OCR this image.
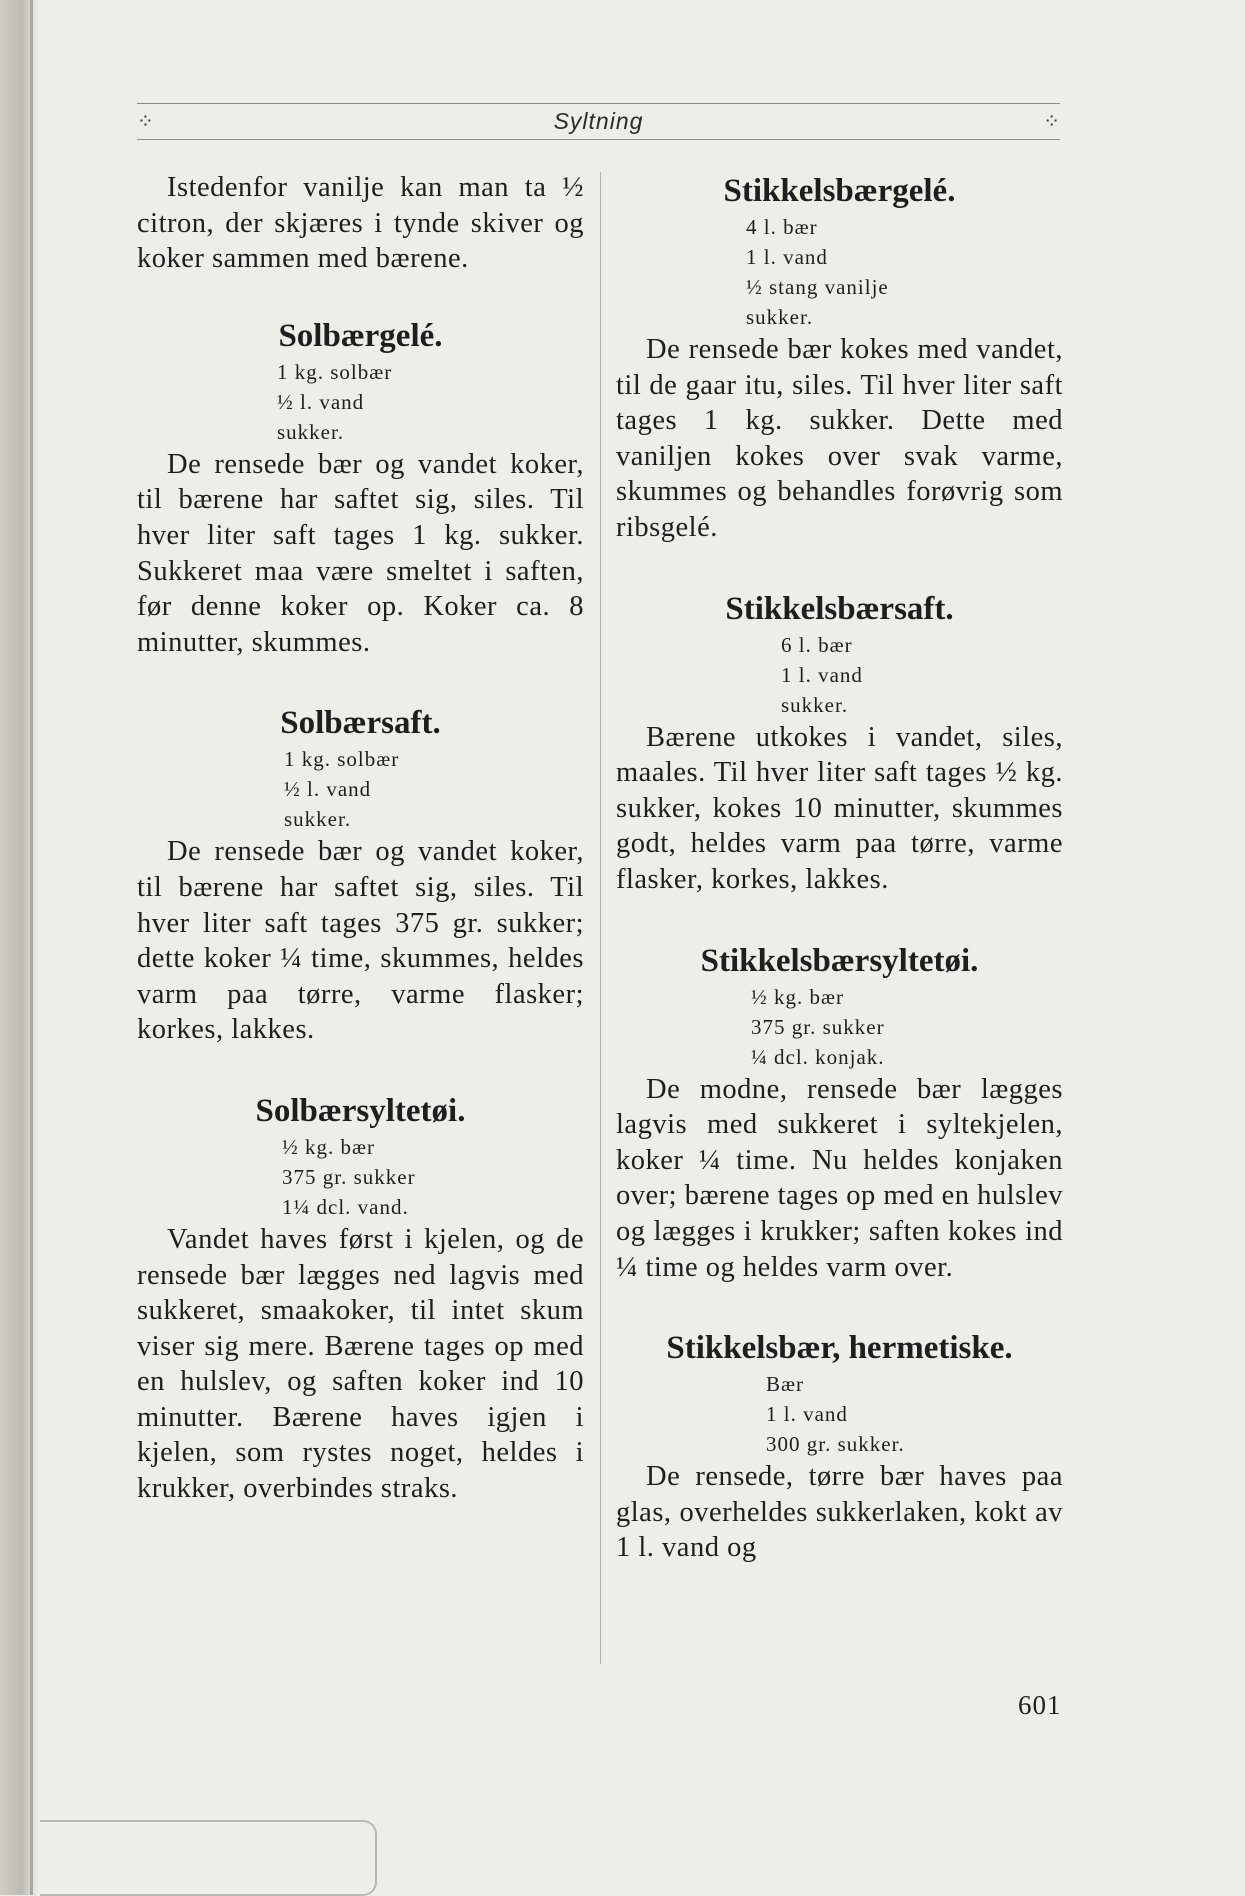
⁘	Syltning	⁘

Istedenfor vanilje kan man ta ½ citron, der skjæres i tynde skiver og koker sammen med bærene.

Solbærgelé.
1 kg. solbær
½ l. vand
sukker.

De rensede bær og vandet koker, til bærene har saftet sig, siles. Til hver liter saft tages 1 kg. sukker. Sukkeret maa være smeltet i saften, før denne koker op. Koker ca. 8 minutter, skummes.

Solbærsaft.
1 kg. solbær
½ l. vand
sukker.

De rensede bær og vandet koker, til bærene har saftet sig, siles. Til hver liter saft tages 375 gr. sukker; dette koker ¼ time, skummes, heldes varm paa tørre, varme flasker; korkes, lakkes.

Solbærsyltetøi.
½ kg. bær
375 gr. sukker
1¼ dcl. vand.

Vandet haves først i kjelen, og de rensede bær lægges ned lagvis med sukkeret, smaakoker, til intet skum viser sig mere. Bærene tages op med en hulslev, og saften koker ind 10 minutter. Bærene haves igjen i kjelen, som rystes noget, heldes i krukker, overbindes straks.

Stikkelsbærgelé.
4 l. bær
1 l. vand
½ stang vanilje
sukker.

De rensede bær kokes med vandet, til de gaar itu, siles. Til hver liter saft tages 1 kg. sukker. Dette med vaniljen kokes over svak varme, skummes og behandles forøvrig som ribsgelé.

Stikkelsbærsaft.
6 l. bær
1 l. vand
sukker.

Bærene utkokes i vandet, siles, maales. Til hver liter saft tages ½ kg. sukker, kokes 10 minutter, skummes godt, heldes varm paa tørre, varme flasker, korkes, lakkes.

Stikkelsbærsyltetøi.
½ kg. bær
375 gr. sukker
¼ dcl. konjak.

De modne, rensede bær lægges lagvis med sukkeret i syltekjelen, koker ¼ time. Nu heldes konjaken over; bærene tages op med en hulslev og lægges i krukker; saften kokes ind ¼ time og heldes varm over.

Stikkelsbær, hermetiske.
Bær
1 l. vand
300 gr. sukker.

De rensede, tørre bær haves paa glas, overheldes sukkerlaken, kokt av 1 l. vand og

601
